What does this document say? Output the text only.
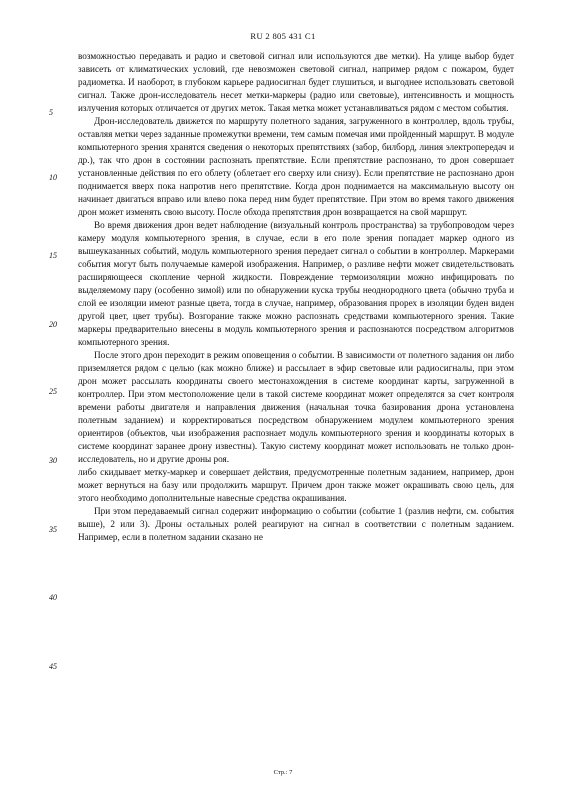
RU 2 805 431 C1
5
10
15
20
25
30
35
40
45

возможностью передавать и радио и световой сигнал или используются две метки). На улице выбор будет зависеть от климатических условий, где невозможен световой сигнал, например рядом с пожаром, будет радиометка. И наоборот, в глубоком карьере радиосигнал будет глушиться, и выгоднее использовать световой сигнал. Также дрон-исследователь несет метки-маркеры (радио или световые), интенсивность и мощность излучения которых отличается от других меток. Такая метка может устанавливаться рядом с местом события.

Дрон-исследователь движется по маршруту полетного задания, загруженного в контроллер, вдоль трубы, оставляя метки через заданные промежутки времени, тем самым помечая ими пройденный маршрут. В модуле компьютерного зрения хранятся сведения о некоторых препятствиях (забор, билборд, линия электропередач и др.), так что дрон в состоянии распознать препятствие. Если препятствие распознано, то дрон совершает установленные действия по его облету (облетает его сверху или снизу). Если препятствие не распознано дрон поднимается вверх пока напротив него препятствие. Когда дрон поднимается на максимальную высоту он начинает двигаться вправо или влево пока перед ним будет препятствие. При этом во время такого движения дрон может изменять свою высоту. После обхода препятствия дрон возвращается на свой маршрут.

Во время движения дрон ведет наблюдение (визуальный контроль пространства) за трубопроводом через камеру модуля компьютерного зрения, в случае, если в его поле зрения попадает маркер одного из вышеуказанных событий, модуль компьютерного зрения передает сигнал о событии в контроллер. Маркерами события могут быть получаемые камерой изображения. Например, о разливе нефти может свидетельствовать расширяющееся скопление черной жидкости. Повреждение термоизоляции можно инфицировать по выделяемому пару (особенно зимой) или по обнаружении куска трубы неоднородного цвета (обычно труба и слой ее изоляции имеют разные цвета, тогда в случае, например, образования прорех в изоляции буден виден другой цвет, цвет трубы). Возгорание также можно распознать средствами компьютерного зрения. Такие маркеры предварительно внесены в модуль компьютерного зрения и распознаются посредством алгоритмов компьютерного зрения.

После этого дрон переходит в режим оповещения о событии. В зависимости от полетного задания он либо приземляется рядом с целью (как можно ближе) и рассылает в эфир световые или радиосигналы, при этом дрон может рассылать координаты своего местонахождения в системе координат карты, загруженной в контроллер. При этом местоположение цели в такой системе координат может определятся за счет контроля времени работы двигателя и направления движения (начальная точка базирования дрона установлена полетным заданием) и корректироваться посредством обнаружением модулем компьютерного зрения ориентиров (объектов, чьи изображения распознает модуль компьютерного зрения и координаты которых в системе координат заранее дрону известны). Такую систему координат может использовать не только дрон-исследователь, но и другие дроны роя.

либо скидывает метку-маркер и совершает действия, предусмотренные полетным заданием, например, дрон может вернуться на базу или продолжить маршрут. Причем дрон также может окрашивать свою цель, для этого необходимо дополнительные навесные средства окрашивания.

При этом передаваемый сигнал содержит информацию о событии (событие 1 (разлив нефти, см. события выше), 2 или 3). Дроны остальных ролей реагируют на сигнал в соответствии с полетным заданием. Например, если в полетном задании сказано не

Стр.: 7
